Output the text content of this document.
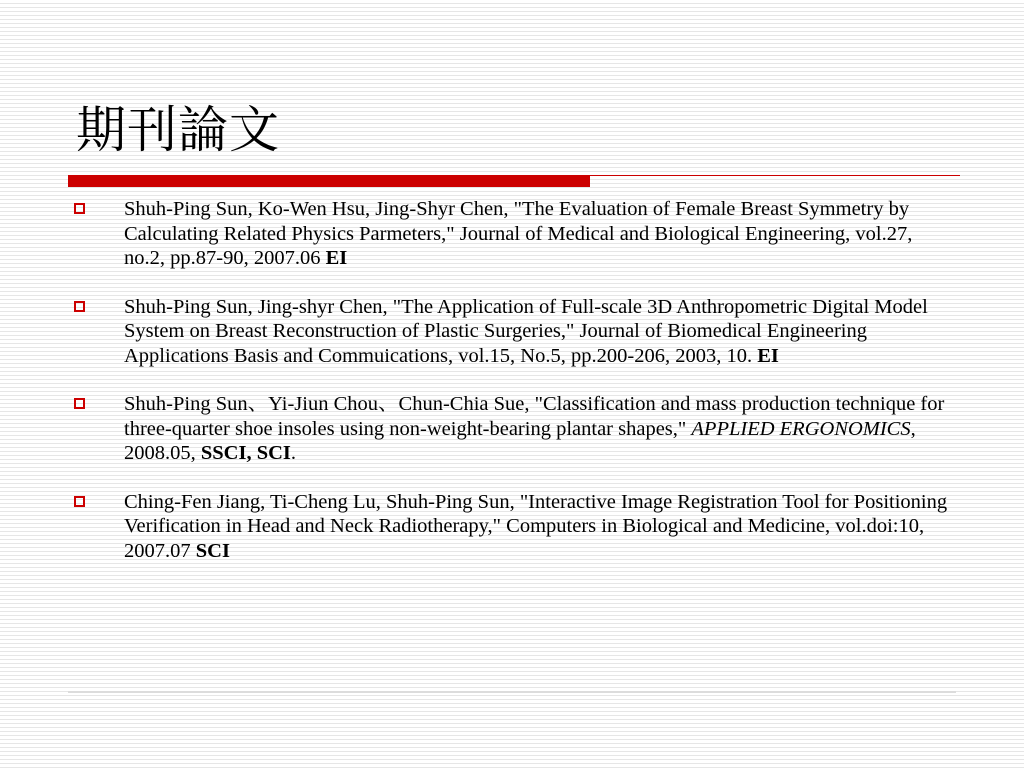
期刊論文
Shuh-Ping Sun, Ko-Wen Hsu, Jing-Shyr Chen, "The Evaluation of Female Breast Symmetry by Calculating Related Physics Parmeters," Journal of Medical and Biological Engineering, vol.27, no.2, pp.87-90, 2007.06 EI
Shuh-Ping Sun, Jing-shyr Chen, "The Application of Full-scale 3D Anthropometric Digital Model System on Breast Reconstruction of Plastic Surgeries," Journal of Biomedical Engineering Applications Basis and Commuications, vol.15, No.5, pp.200-206, 2003, 10. EI
Shuh-Ping Sun、Yi-Jiun Chou、Chun-Chia Sue, "Classification and mass production technique for three-quarter shoe insoles using non-weight-bearing plantar shapes," APPLIED ERGONOMICS, 2008.05, SSCI, SCI.
Ching-Fen Jiang, Ti-Cheng Lu, Shuh-Ping Sun, "Interactive Image Registration Tool for Positioning Verification in Head and Neck Radiotherapy," Computers in Biological and Medicine, vol.doi:10, 2007.07 SCI
